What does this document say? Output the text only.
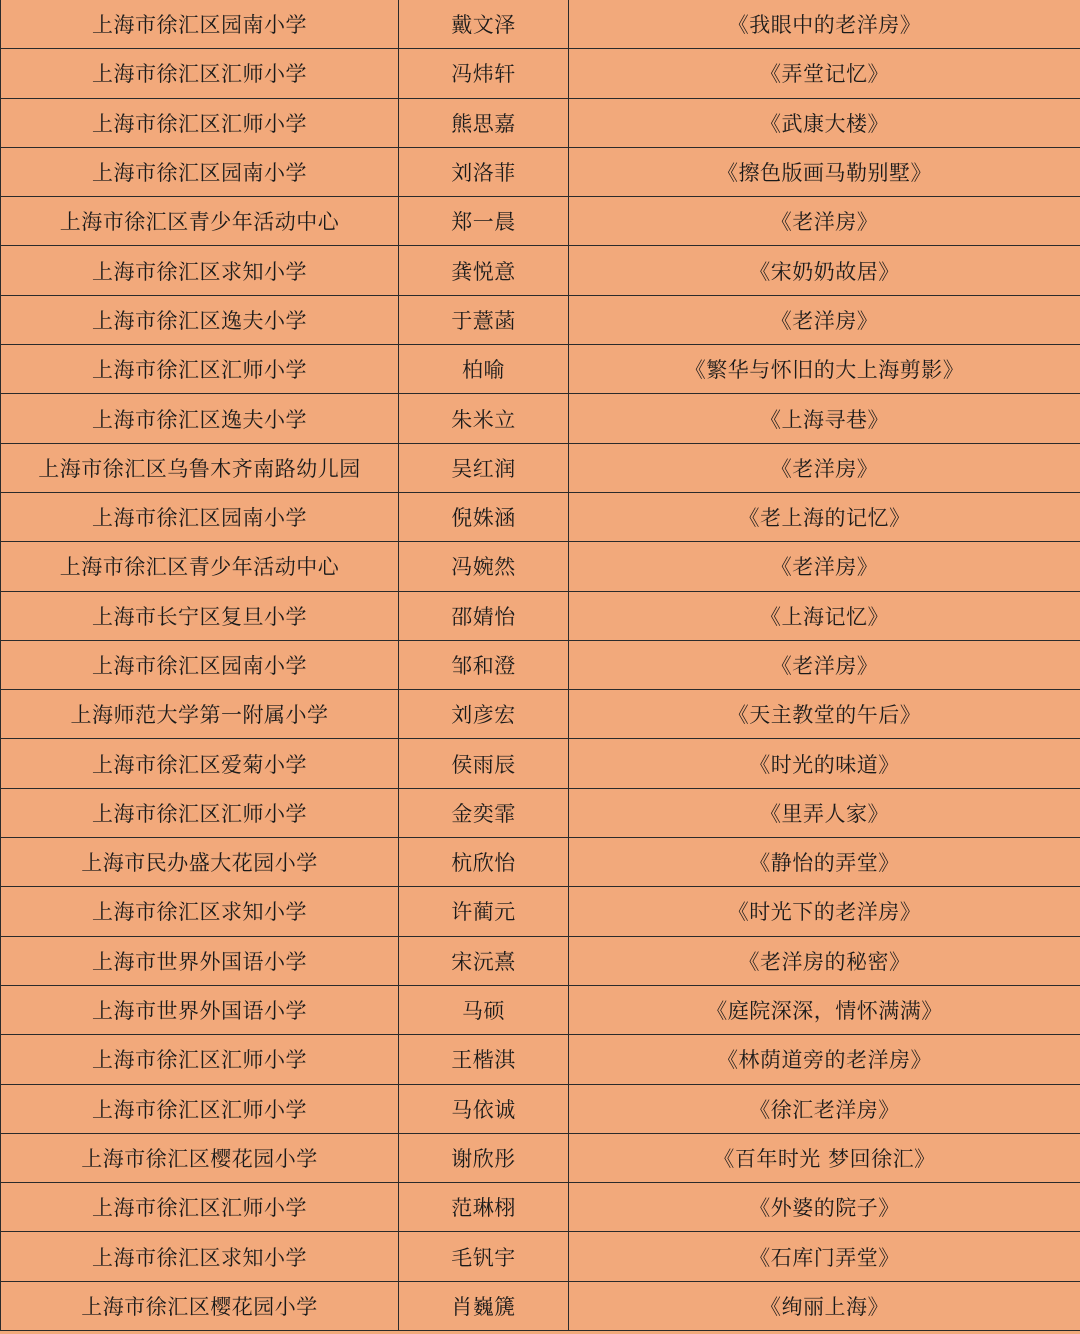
上海市徐汇区园南小学	戴文泽	《我眼中的老洋房》
上海市徐汇区汇师小学	冯炜轩	《弄堂记忆》
上海市徐汇区汇师小学	熊思嘉	《武康大楼》
上海市徐汇区园南小学	刘洛菲	《擦色版画马勒别墅》
上海市徐汇区青少年活动中心	郑一晨	《老洋房》
上海市徐汇区求知小学	龚悦意	《宋奶奶故居》
上海市徐汇区逸夫小学	于薏菡	《老洋房》
上海市徐汇区汇师小学	柏喻	《繁华与怀旧的大上海剪影》
上海市徐汇区逸夫小学	朱米立	《上海寻巷》
上海市徐汇区乌鲁木齐南路幼儿园	吴红润	《老洋房》
上海市徐汇区园南小学	倪姝涵	《老上海的记忆》
上海市徐汇区青少年活动中心	冯婉然	《老洋房》
上海市长宁区复旦小学	邵婧怡	《上海记忆》
上海市徐汇区园南小学	邹和澄	《老洋房》
上海师范大学第一附属小学	刘彦宏	《天主教堂的午后》
上海市徐汇区爱菊小学	侯雨辰	《时光的味道》
上海市徐汇区汇师小学	金奕霏	《里弄人家》
上海市民办盛大花园小学	杭欣怡	《静怡的弄堂》
上海市徐汇区求知小学	许蔺元	《时光下的老洋房》
上海市世界外国语小学	宋沅熹	《老洋房的秘密》
上海市世界外国语小学	马硕	《庭院深深，情怀满满》
上海市徐汇区汇师小学	王楷淇	《林荫道旁的老洋房》
上海市徐汇区汇师小学	马依诚	《徐汇老洋房》
上海市徐汇区樱花园小学	谢欣彤	《百年时光 梦回徐汇》
上海市徐汇区汇师小学	范琳栩	《外婆的院子》
上海市徐汇区求知小学	毛钒宇	《石库门弄堂》
上海市徐汇区樱花园小学	肖巍篪	《绚丽上海》
